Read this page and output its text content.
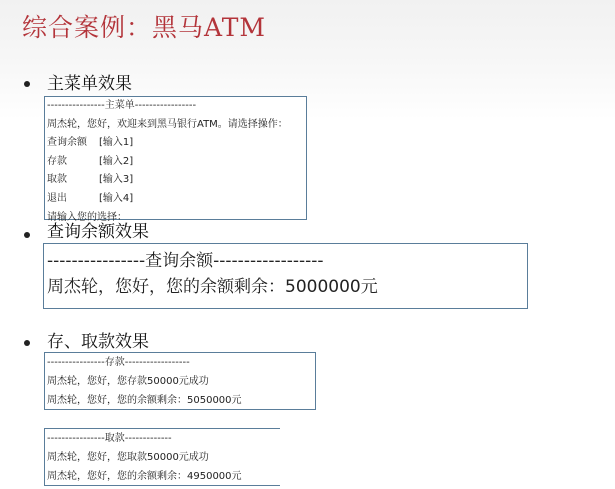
综合案例：黑马ATM
主菜单效果
----------------主菜单-----------------
周杰轮，您好，欢迎来到黑马银行ATM。请选择操作：
查询余额	[输入1]
存款	[输入2]
取款	[输入3]
退出	[输入4]
请输入您的选择：
查询余额效果
----------------查询余额------------------
周杰轮，您好，您的余额剩余：5000000元
存、取款效果
----------------存款------------------
周杰轮，您好，您存款50000元成功
周杰轮，您好，您的余额剩余：5050000元
----------------取款-------------
周杰轮，您好，您取款50000元成功
周杰轮，您好，您的余额剩余：4950000元
